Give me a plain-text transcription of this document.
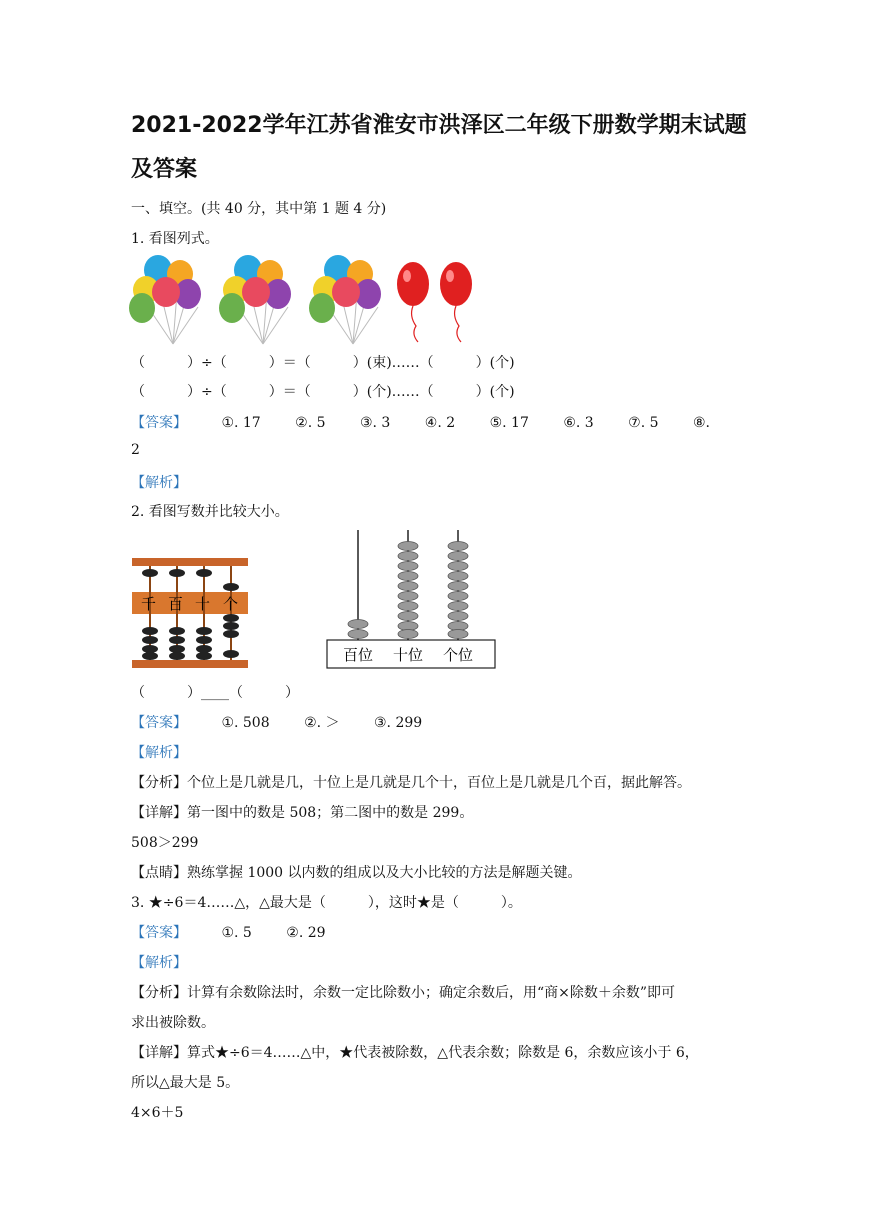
2021-2022学年江苏省淮安市洪泽区二年级下册数学期末试题及答案
一、填空。(共 40 分，其中第 1 题 4 分)
1. 看图列式。
（　　　）÷（　　　）＝（　　　）(束)……（　　　）(个)
（　　　）÷（　　　）＝（　　　）(个)……（　　　）(个)
【答案】 ①. 17 ②. 5 ③. 3 ④. 2 ⑤. 17 ⑥. 3 ⑦. 5 ⑧.
2
【解析】
2. 看图写数并比较大小。
千 百 十 个
百位 十位 个位
（　　　）____（　　　）
【答案】 ①. 508 ②. ＞ ③. 299
【解析】
【分析】个位上是几就是几，十位上是几就是几个十，百位上是几就是几个百，据此解答。
【详解】第一图中的数是 508；第二图中的数是 299。
508＞299
【点睛】熟练掌握 1000 以内数的组成以及大小比较的方法是解题关键。
3. ★÷6＝4……△，△最大是（　　　），这时★是（　　　）。
【答案】 ①. 5 ②. 29
【解析】
【分析】计算有余数除法时，余数一定比除数小；确定余数后，用“商×除数＋余数”即可
求出被除数。
【详解】算式★÷6＝4……△中，★代表被除数，△代表余数；除数是 6，余数应该小于 6，
所以△最大是 5。
4×6＋5
